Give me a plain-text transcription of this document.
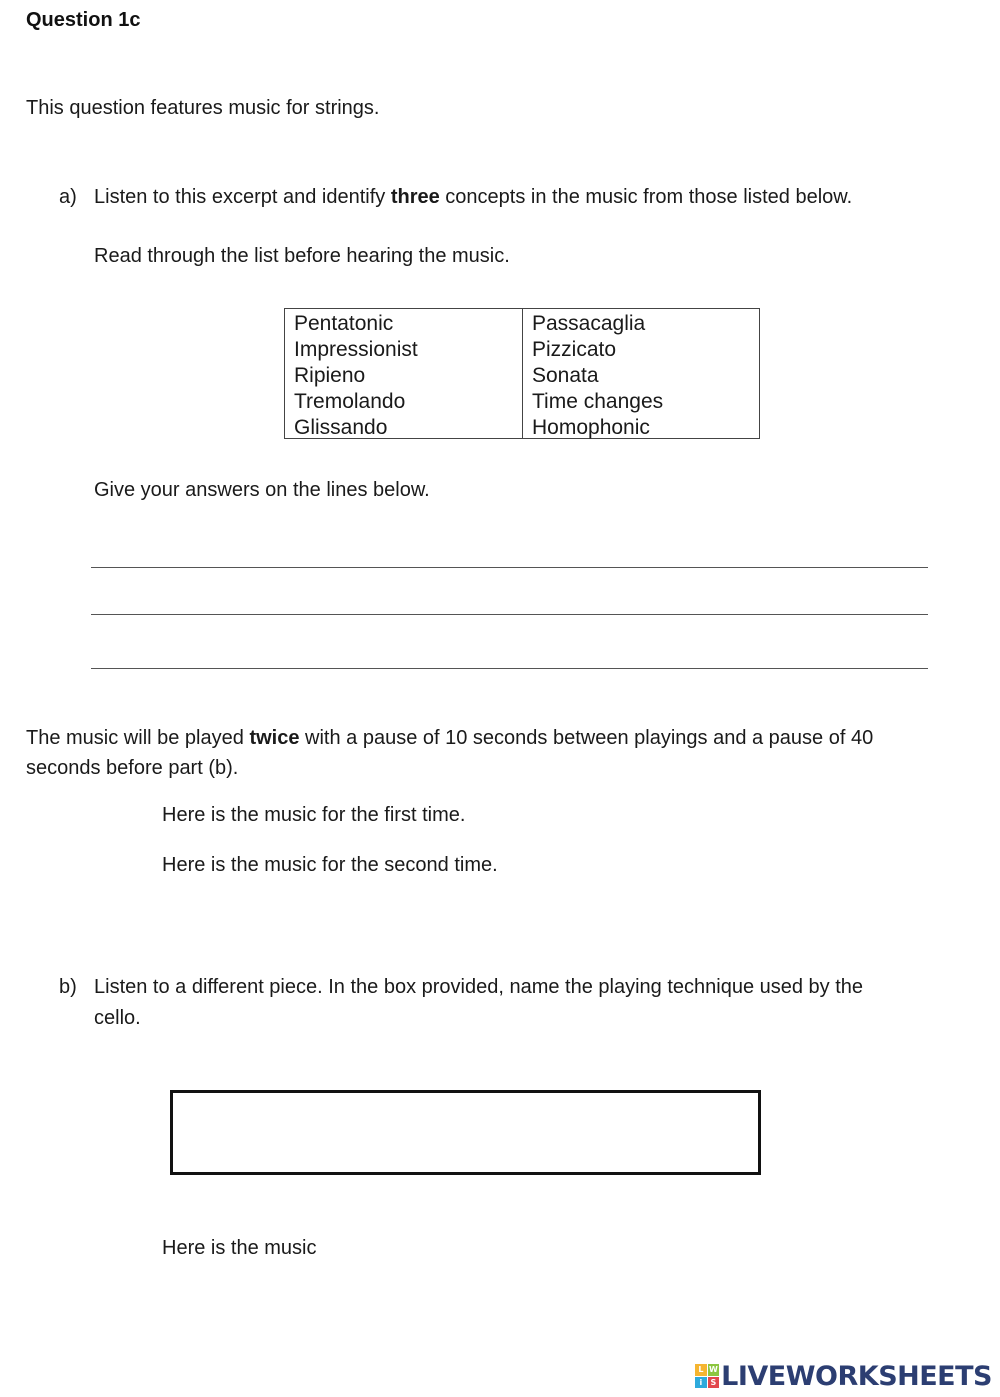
Question 1c
This question features music for strings.
a) Listen to this excerpt and identify three concepts in the music from those listed below.
Read through the list before hearing the music.
Pentatonic
Impressionist
Ripieno
Tremolando
Glissando
Passacaglia
Pizzicato
Sonata
Time changes
Homophonic
Give your answers on the lines below.
The music will be played twice with a pause of 10 seconds between playings and a pause of 40
seconds before part (b).
Here is the music for the first time.
Here is the music for the second time.
b) Listen to a different piece. In the box provided, name the playing technique used by the
cello.
Here is the music
L W
i	S LIVEWORKSHEETS
